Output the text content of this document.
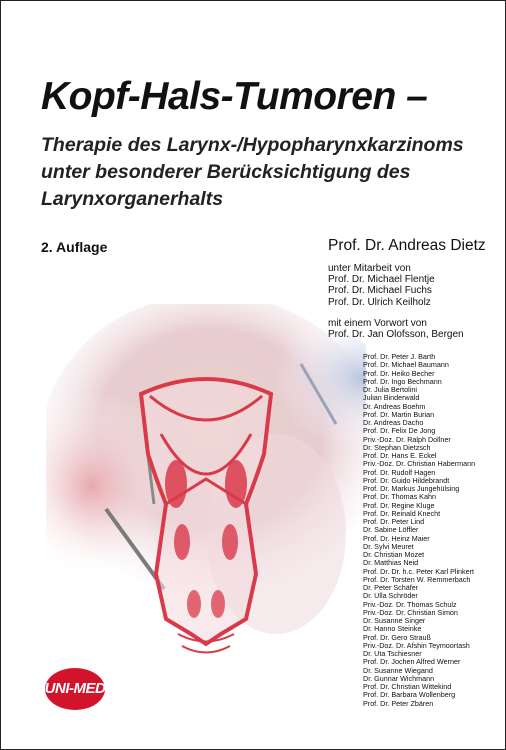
Kopf-Hals-Tumoren –
Therapie des Larynx-/Hypopharynxkarzinoms
unter besonderer Berücksichtigung des
Larynxorganerhalts
2. Auflage	Prof. Dr. Andreas Dietz
unter Mitarbeit von
Prof. Dr. Michael Flentje
Prof. Dr. Michael Fuchs
Prof. Dr. Ulrich Keilholz
mit einem Vorwort von
Prof. Dr. Jan Olofsson, Bergen
Prof. Dr. Peter J. Barth
Prof. Dr. Michael Baumann
Prof. Dr. Heiko Becher
Prof. Dr. Ingo Bechmann
Dr. Julia Bertolini
Julian Binderwald
Dr. Andreas Boehm
Prof. Dr. Martin Burian
Dr. Andreas Dacho
Prof. Dr. Felix De Jong
Priv.-Doz. Dr. Ralph Dollner
Dr. Stephan Dietzsch
Prof. Dr. Hans E. Eckel
Priv.-Doz. Dr. Christian Habermann
Prof. Dr. Rudolf Hagen
Prof. Dr. Guido Hildebrandt
Prof. Dr. Markus Jungehülsing
Prof. Dr. Thomas Kahn
Prof. Dr. Regine Kluge
Prof. Dr. Reinald Knecht
Prof. Dr. Peter Lind
Dr. Sabine Löffler
Prof. Dr. Heinz Maier
Dr. Sylvi Meuret
Dr. Christian Mozet
Dr. Matthias Neid
Prof. Dr. Dr. h.c. Peter Karl Plinkert
Prof. Dr. Torsten W. Remmerbach
Dr. Peter Schäfer
Dr. Ulla Schröder
Priv.-Doz. Dr. Thomas Schulz
Priv.-Doz. Dr. Christian Simon
Dr. Susanne Singer
Dr. Hanno Steinke
Prof. Dr. Gero Strauß
Priv.-Doz. Dr. Afshin Teymoortash
Dr. Uta Tschiesner
Prof. Dr. Jochen Alfred Werner
Dr. Susanne Wiegand
Dr. Gunnar Wichmann
Prof. Dr. Christian Wittekind
Prof. Dr. Barbara Wollenberg
Prof. Dr. Peter Zbären
UNI-MED
